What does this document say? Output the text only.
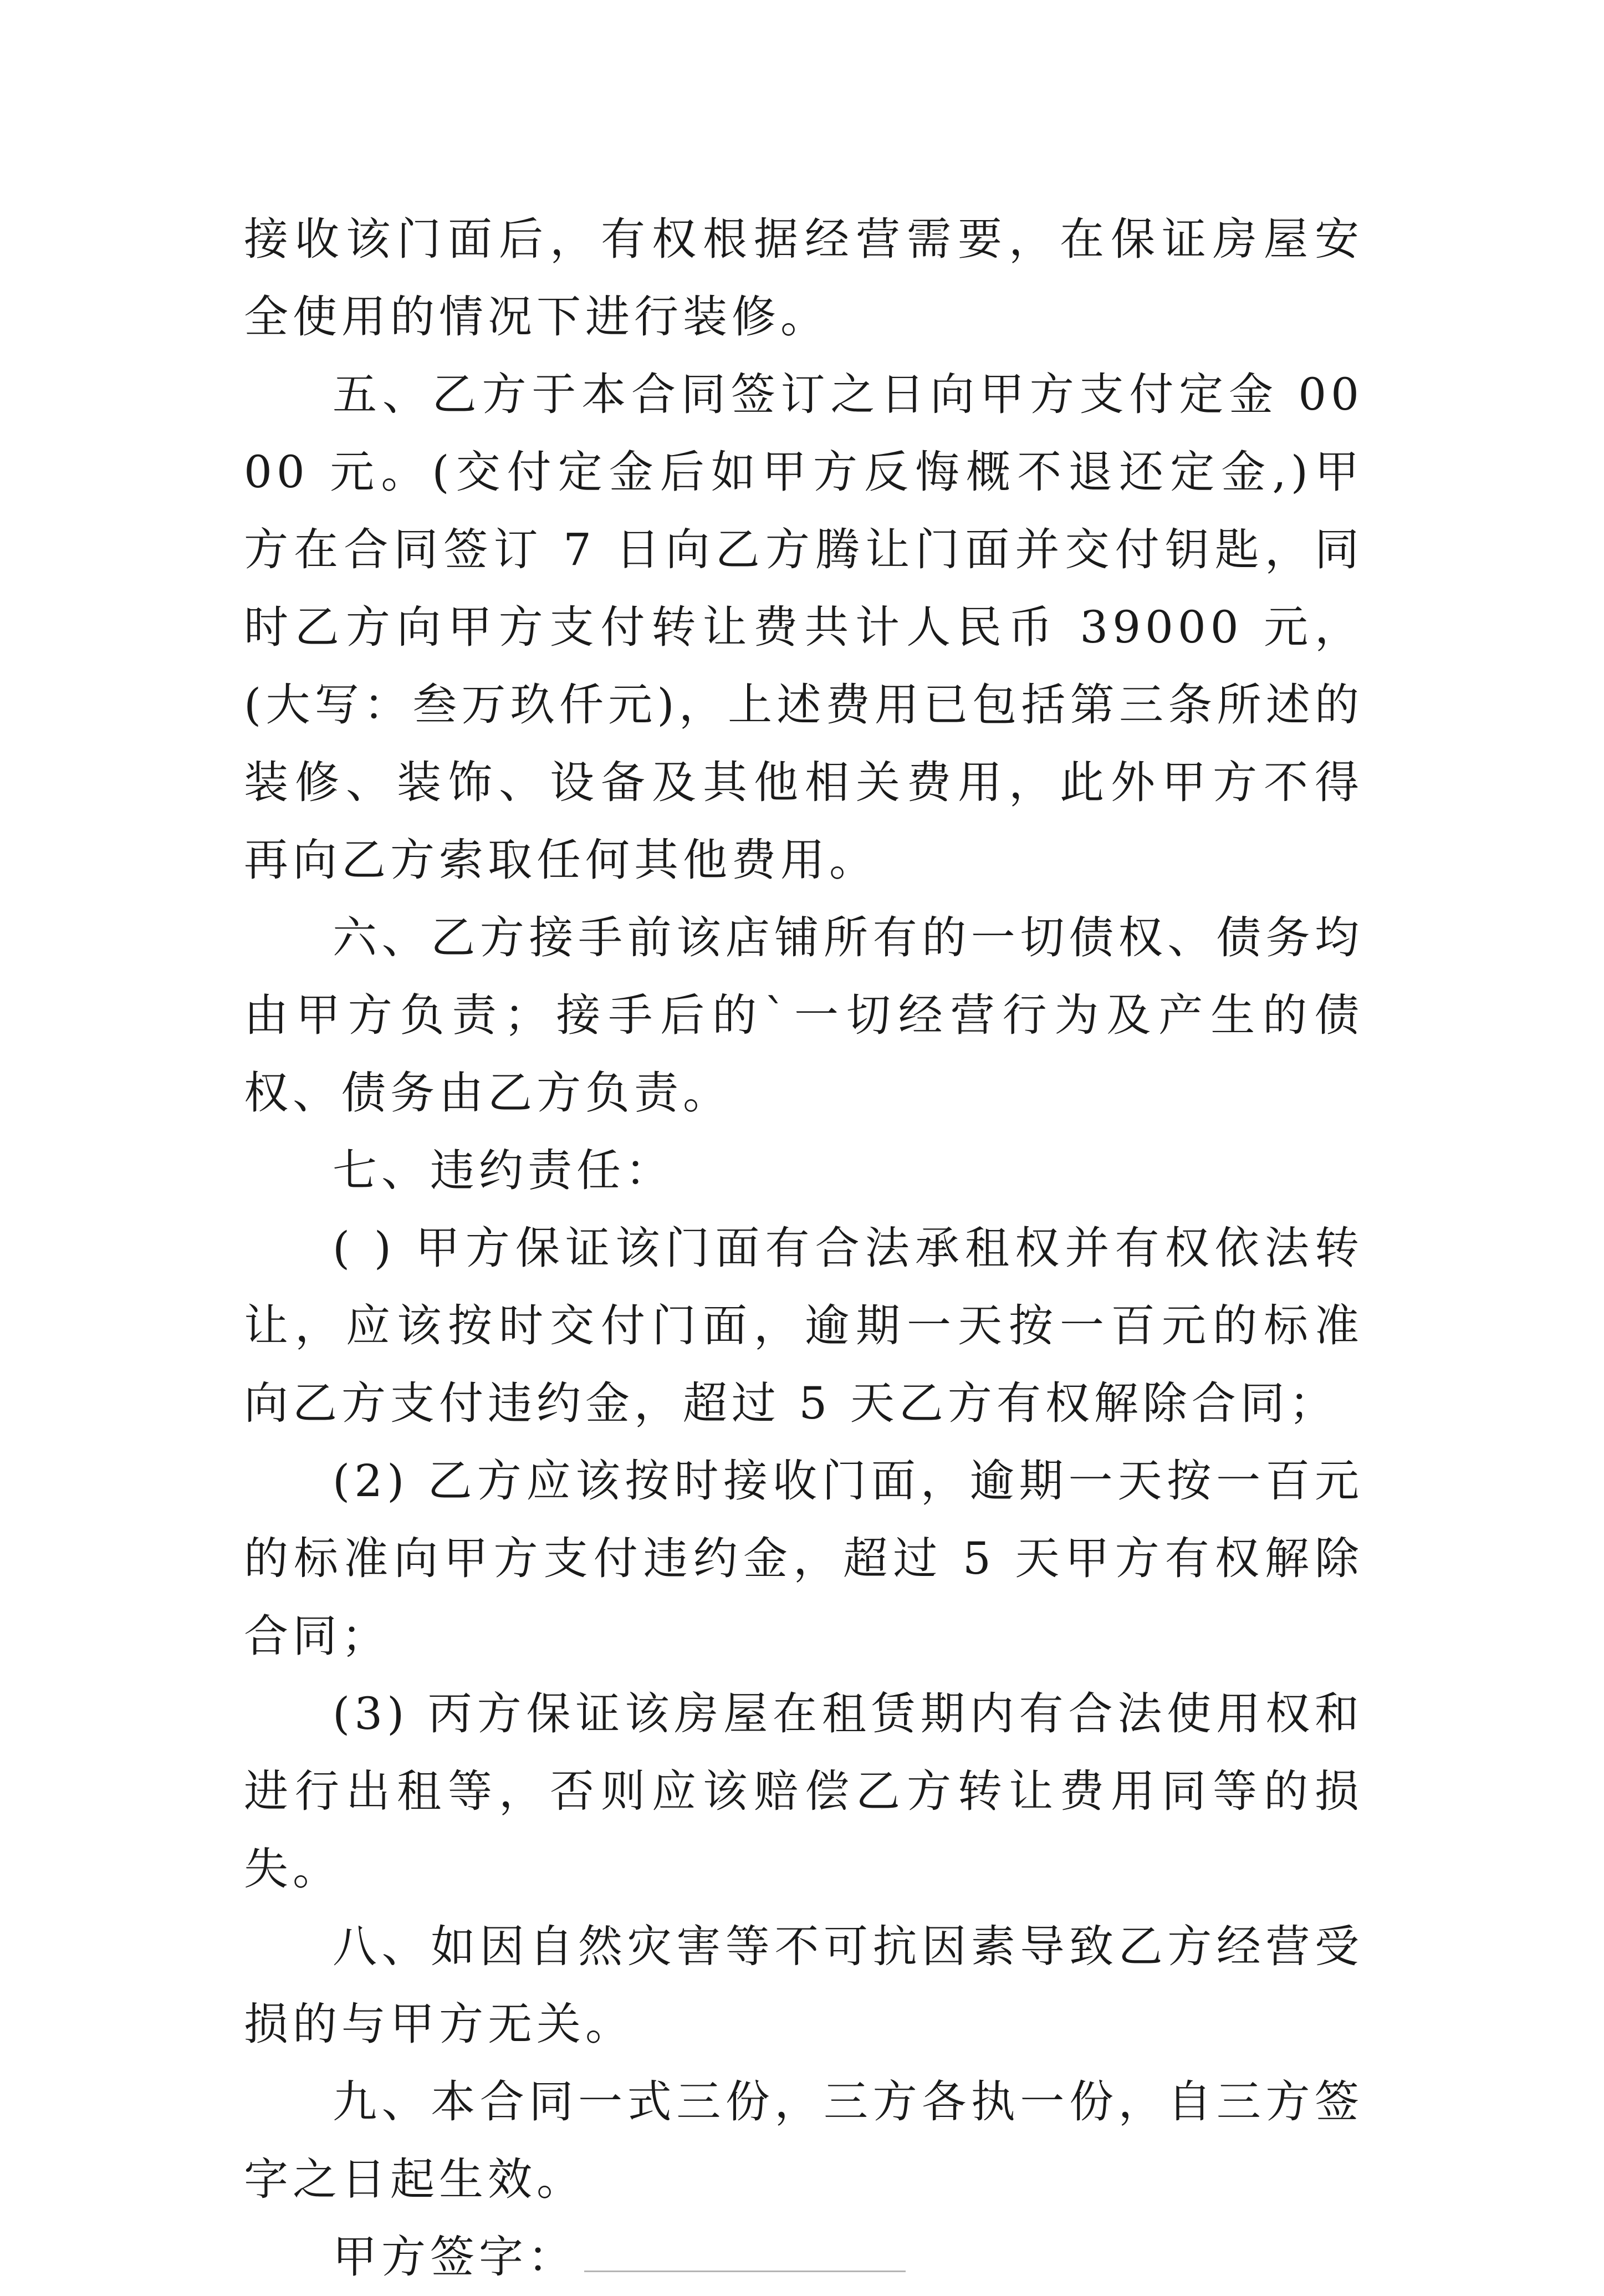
接收该门面后，有权根据经营需要，在保证房屋安全使用的情况下进行装修。

五、乙方于本合同签订之日向甲方支付定金 0000 元。(交付定金后如甲方反悔概不退还定金,)甲方在合同签订 7 日向乙方腾让门面并交付钥匙，同时乙方向甲方支付转让费共计人民币 39000 元，(大写：叁万玖仟元)，上述费用已包括第三条所述的装修、装饰、设备及其他相关费用，此外甲方不得再向乙方索取任何其他费用。

六、乙方接手前该店铺所有的一切债权、债务均由甲方负责；接手后的`一切经营行为及产生的债权、债务由乙方负责。

七、违约责任：

( ) 甲方保证该门面有合法承租权并有权依法转让，应该按时交付门面，逾期一天按一百元的标准向乙方支付违约金，超过 5 天乙方有权解除合同；

(2) 乙方应该按时接收门面，逾期一天按一百元的标准向甲方支付违约金，超过 5 天甲方有权解除合同；

(3) 丙方保证该房屋在租赁期内有合法使用权和进行出租等，否则应该赔偿乙方转让费用同等的损失。

八、如因自然灾害等不可抗因素导致乙方经营受损的与甲方无关。

九、本合同一式三份，三方各执一份，自三方签字之日起生效。

甲方签字：
